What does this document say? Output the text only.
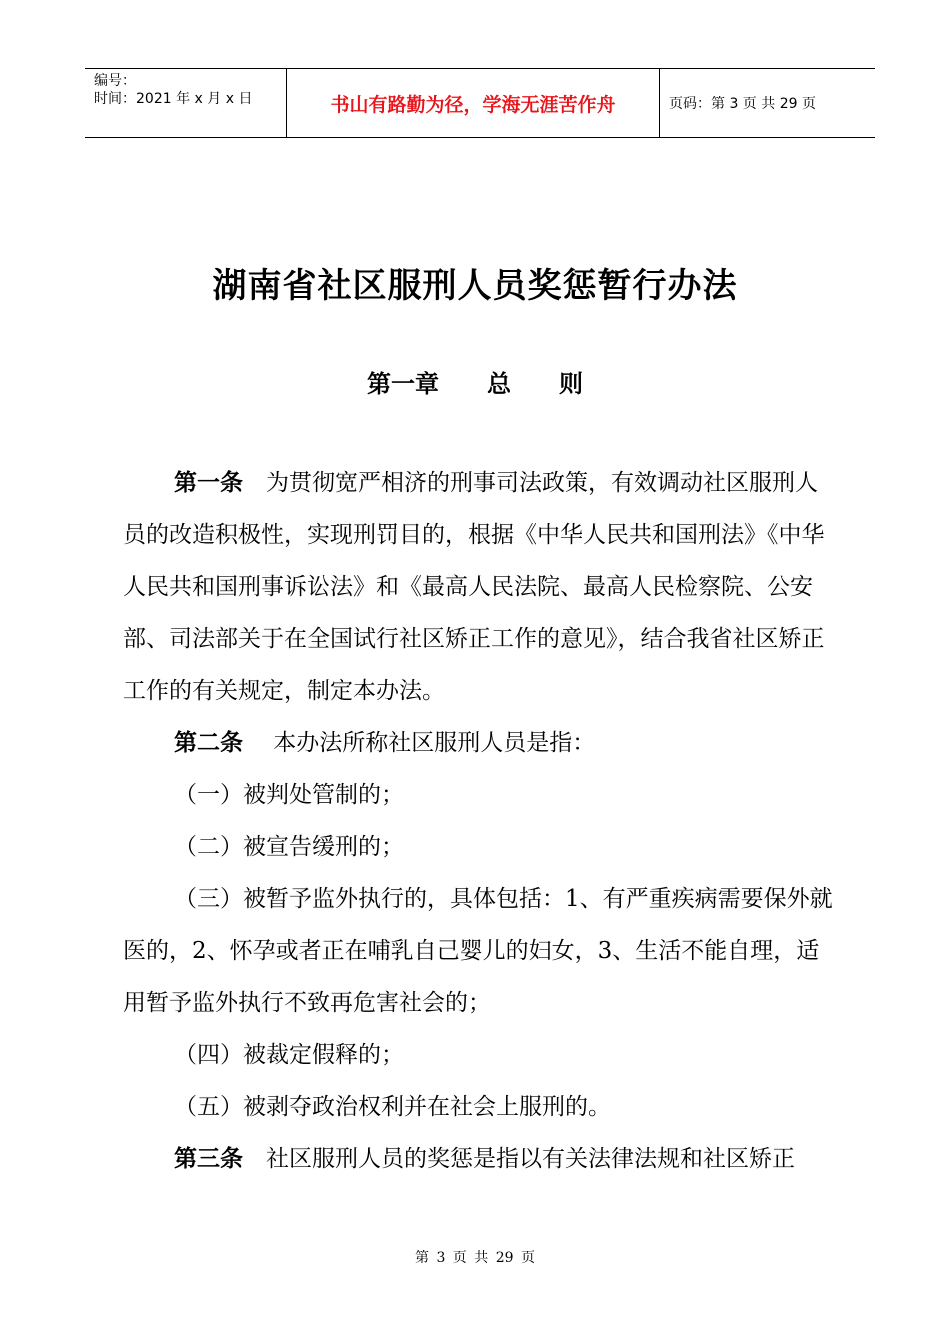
编号：
时间：2021 年 x 月 x 日	书山有路勤为径，学海无涯苦作舟	页码：第 3 页 共 29 页
湖南省社区服刑人员奖惩暂行办法
第一章　　总　　则

第一条　为贯彻宽严相济的刑事司法政策，有效调动社区服刑人员的改造积极性，实现刑罚目的，根据《中华人民共和国刑法》《中华人民共和国刑事诉讼法》和《最高人民法院、最高人民检察院、公安部、司法部关于在全国试行社区矫正工作的意见》，结合我省社区矫正工作的有关规定，制定本办法。

第二条　 本办法所称社区服刑人员是指：

（一）被判处管制的；

（二）被宣告缓刑的；

（三）被暂予监外执行的，具体包括：1、有严重疾病需要保外就医的，2、怀孕或者正在哺乳自己婴儿的妇女，3、生活不能自理，适用暂予监外执行不致再危害社会的；

（四）被裁定假释的；

（五）被剥夺政治权利并在社会上服刑的。

第三条　社区服刑人员的奖惩是指以有关法律法规和社区矫正

第 3 页 共 29 页
